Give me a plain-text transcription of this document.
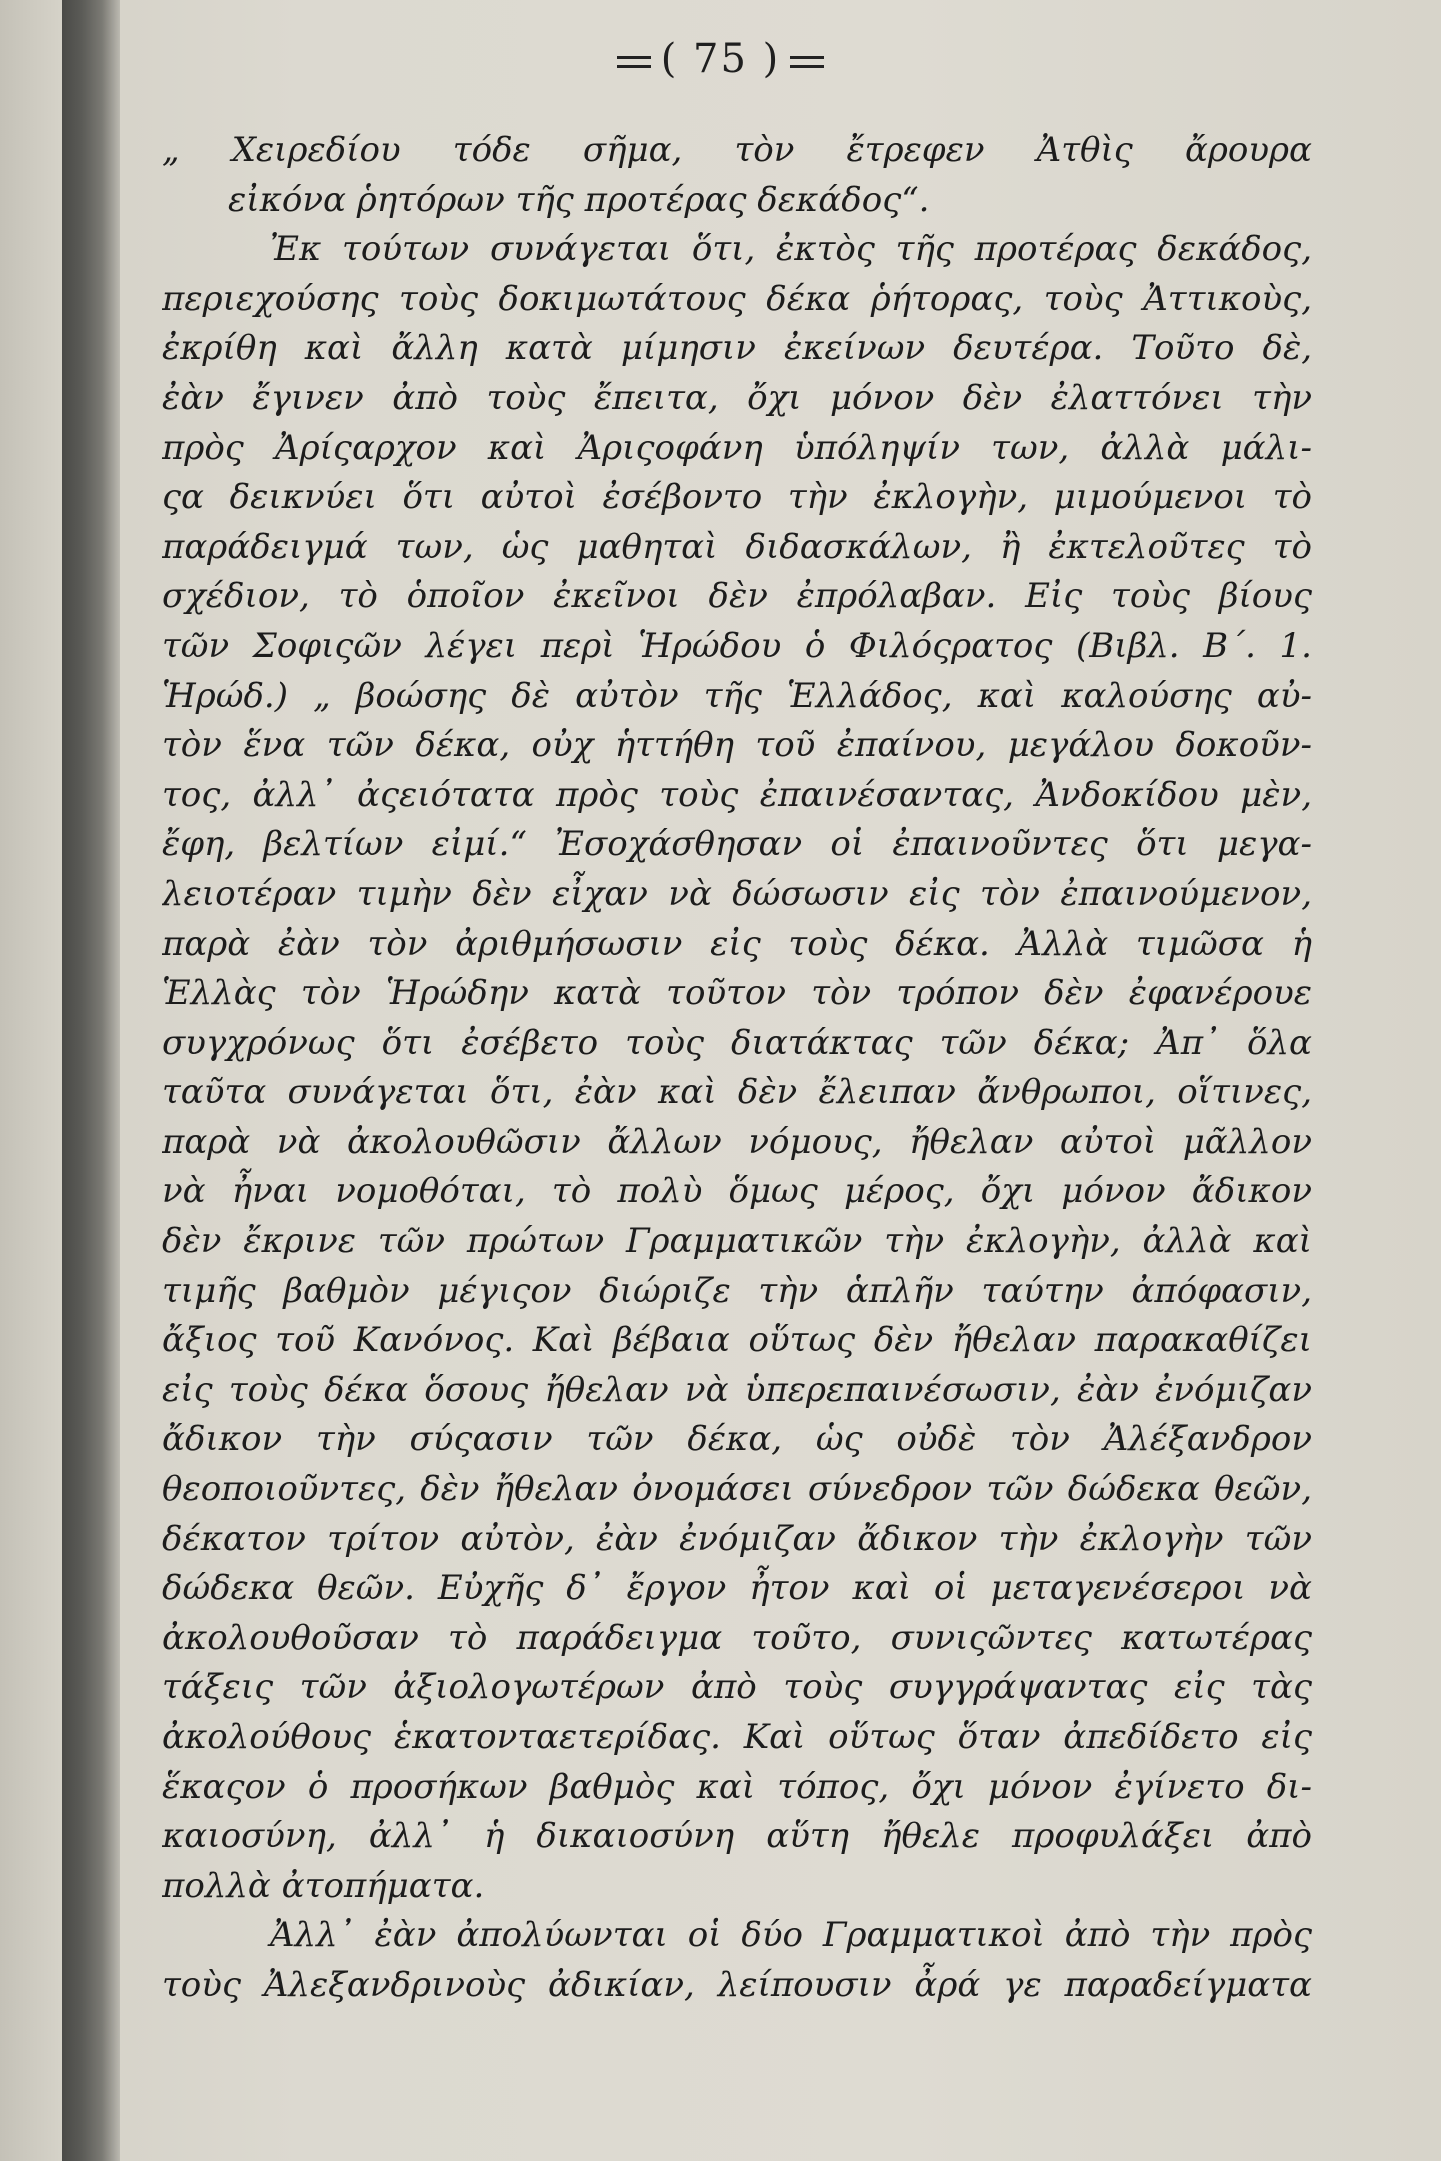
( 75 )
„ Χειρεδίου τόδε σῆμα, τὸν ἔτρεφεν Ἀτθὶς ἄρουρα
εἰκόνα ῥητόρων τῆς προτέρας δεκάδος“.
Ἐκ τούτων συνάγεται ὅτι, ἐκτὸς τῆς προτέρας δεκάδος,
περιεχούσης τοὺς δοκιμωτάτους δέκα ῥήτορας, τοὺς Ἀττικοὺς,
ἐκρίθη καὶ ἄλλη κατὰ μίμησιν ἐκείνων δευτέρα. Τοῦτο δὲ,
ἐὰν ἔγινεν ἀπὸ τοὺς ἔπειτα, ὄχι μόνον δὲν ἐλαττόνει τὴν
πρὸς Ἀρίςαρχον καὶ Ἀριςοφάνη ὑπόληψίν των, ἀλλὰ μάλι-
ςα δεικνύει ὅτι αὐτοὶ ἐσέβοντο τὴν ἐκλογὴν, μιμούμενοι τὸ
παράδειγμά των, ὡς μαθηταὶ διδασκάλων, ἢ ἐκτελοῦτες τὸ
σχέδιον, τὸ ὁποῖον ἐκεῖνοι δὲν ἐπρόλαβαν. Εἰς τοὺς βίους
τῶν Σοφιςῶν λέγει περὶ Ἡρώδου ὁ Φιλόςρατος (Βιβλ. Β΄. 1.
Ἡρώδ.) „ βοώσης δὲ αὐτὸν τῆς Ἑλλάδος, καὶ καλούσης αὐ-
τὸν ἕνα τῶν δέκα, οὐχ ἡττήθη τοῦ ἐπαίνου, μεγάλου δοκοῦν-
τος, ἀλλ᾽ ἀςειότατα πρὸς τοὺς ἐπαινέσαντας, Ἀνδοκίδου μὲν,
ἔφη, βελτίων εἰμί.“ Ἐσοχάσθησαν οἱ ἐπαινοῦντες ὅτι μεγα-
λειοτέραν τιμὴν δὲν εἶχαν νὰ δώσωσιν εἰς τὸν ἐπαινούμενον,
παρὰ ἐὰν τὸν ἀριθμήσωσιν εἰς τοὺς δέκα. Ἀλλὰ τιμῶσα ἡ
Ἑλλὰς τὸν Ἡρώδην κατὰ τοῦτον τὸν τρόπον δὲν ἐφανέρουε
συγχρόνως ὅτι ἐσέβετο τοὺς διατάκτας τῶν δέκα; Ἀπ᾽ ὅλα
ταῦτα συνάγεται ὅτι, ἐὰν καὶ δὲν ἔλειπαν ἄνθρωποι, οἵτινες,
παρὰ νὰ ἀκολουθῶσιν ἄλλων νόμους, ἤθελαν αὐτοὶ μᾶλλον
νὰ ἦναι νομοθόται, τὸ πολὺ ὅμως μέρος, ὄχι μόνον ἄδικον
δὲν ἔκρινε τῶν πρώτων Γραμματικῶν τὴν ἐκλογὴν, ἀλλὰ καὶ
τιμῆς βαθμὸν μέγιςον διώριζε τὴν ἁπλῆν ταύτην ἀπόφασιν,
ἄξιος τοῦ Κανόνος. Καὶ βέβαια οὕτως δὲν ἤθελαν παρακαθίζει
εἰς τοὺς δέκα ὅσους ἤθελαν νὰ ὑπερεπαινέσωσιν, ἐὰν ἐνόμιζαν
ἄδικον τὴν σύςασιν τῶν δέκα, ὡς οὐδὲ τὸν Ἀλέξανδρον
θεοποιοῦντες, δὲν ἤθελαν ὀνομάσει σύνεδρον τῶν δώδεκα θεῶν,
δέκατον τρίτον αὐτὸν, ἐὰν ἐνόμιζαν ἄδικον τὴν ἐκλογὴν τῶν
δώδεκα θεῶν. Εὐχῆς δ᾽ ἔργον ἦτον καὶ οἱ μεταγενέσεροι νὰ
ἀκολουθοῦσαν τὸ παράδειγμα τοῦτο, συνιςῶντες κατωτέρας
τάξεις τῶν ἀξιολογωτέρων ἀπὸ τοὺς συγγράψαντας εἰς τὰς
ἀκολούθους ἑκατονταετερίδας. Καὶ οὕτως ὅταν ἀπεδίδετο εἰς
ἕκαςον ὁ προσήκων βαθμὸς καὶ τόπος, ὄχι μόνον ἐγίνετο δι-
καιοσύνη, ἀλλ᾽ ἡ δικαιοσύνη αὕτη ἤθελε προφυλάξει ἀπὸ
πολλὰ ἀτοπήματα.
Ἀλλ᾽ ἐὰν ἀπολύωνται οἱ δύο Γραμματικοὶ ἀπὸ τὴν πρὸς
τοὺς Ἀλεξανδρινοὺς ἀδικίαν, λείπουσιν ἆρά γε παραδείγματα
